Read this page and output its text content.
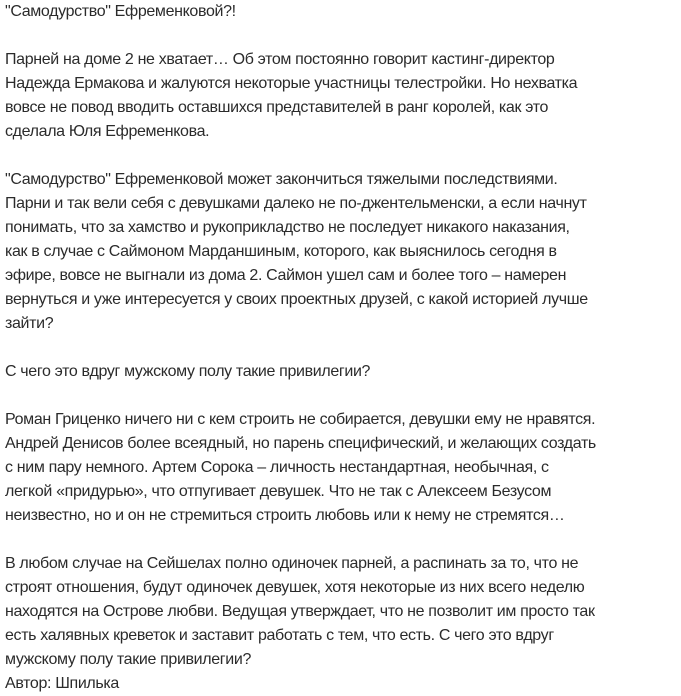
"Самодурство" Ефременковой?!
Парней на доме 2 не хватает… Об этом постоянно говорит кастинг-директор
Надежда Ермакова и жалуются некоторые участницы телестройки. Но нехватка
вовсе не повод вводить оставшихся представителей в ранг королей, как это
сделала Юля Ефременкова.
"Самодурство" Ефременковой может закончиться тяжелыми последствиями.
Парни и так вели себя с девушками далеко не по-джентельменски, а если начнут
понимать, что за хамство и рукоприкладство не последует никакого наказания,
как в случае с Саймоном Марданшиным, которого, как выяснилось сегодня в
эфире, вовсе не выгнали из дома 2. Саймон ушел сам и более того – намерен
вернуться и уже интересуется у своих проектных друзей, с какой историей лучше
зайти?
С чего это вдруг мужскому полу такие привилегии?
Роман Гриценко ничего ни с кем строить не собирается, девушки ему не нравятся.
Андрей Денисов более всеядный, но парень специфический, и желающих создать
с ним пару немного. Артем Сорока – личность нестандартная, необычная, с
легкой «придурью», что отпугивает девушек. Что не так с Алексеем Безусом
неизвестно, но и он не стремиться строить любовь или к нему не стремятся…
В любом случае на Сейшелах полно одиночек парней, а распинать за то, что не
строят отношения, будут одиночек девушек, хотя некоторые из них всего неделю
находятся на Острове любви. Ведущая утверждает, что не позволит им просто так
есть халявных креветок и заставит работать с тем, что есть. С чего это вдруг
мужскому полу такие привилегии?
Автор: Шпилька
